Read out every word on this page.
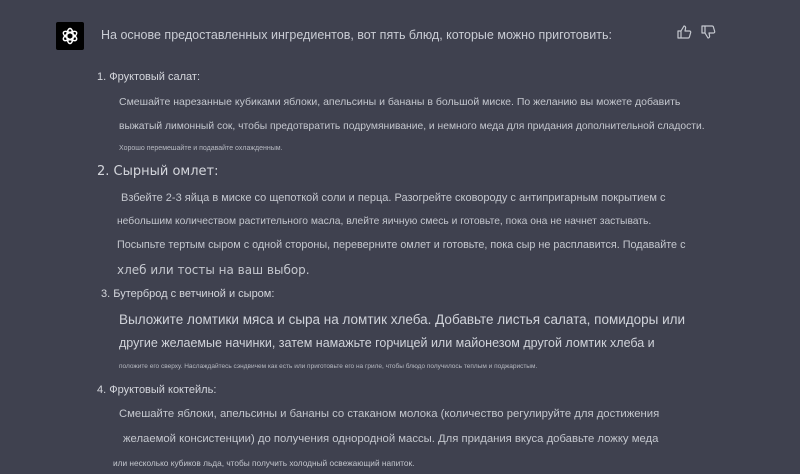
На основе предоставленных ингредиентов, вот пять блюд, которые можно приготовить:
1. Фруктовый салат:
Смешайте нарезанные кубиками яблоки, апельсины и бананы в большой миске. По желанию вы можете добавить
выжатый лимонный сок, чтобы предотвратить подрумянивание, и немного меда для придания дополнительной сладости.
Хорошо перемешайте и подавайте охлажденным.
2. Сырный омлет:
Взбейте 2-3 яйца в миске со щепоткой соли и перца. Разогрейте сковороду с антипригарным покрытием с
небольшим количеством растительного масла, влейте яичную смесь и готовьте, пока она не начнет застывать.
Посыпьте тертым сыром с одной стороны, переверните омлет и готовьте, пока сыр не расплавится. Подавайте с
хлеб или тосты на ваш выбор.
3. Бутерброд с ветчиной и сыром:
Выложите ломтики мяса и сыра на ломтик хлеба. Добавьте листья салата, помидоры или
другие желаемые начинки, затем намажьте горчицей или майонезом другой ломтик хлеба и
положите его сверху. Наслаждайтесь сэндвичем как есть или приготовьте его на гриле, чтобы блюдо получилось теплым и поджаристым.
4. Фруктовый коктейль:
Смешайте яблоки, апельсины и бананы со стаканом молока (количество регулируйте для достижения
желаемой консистенции) до получения однородной массы. Для придания вкуса добавьте ложку меда
или несколько кубиков льда, чтобы получить холодный освежающий напиток.
